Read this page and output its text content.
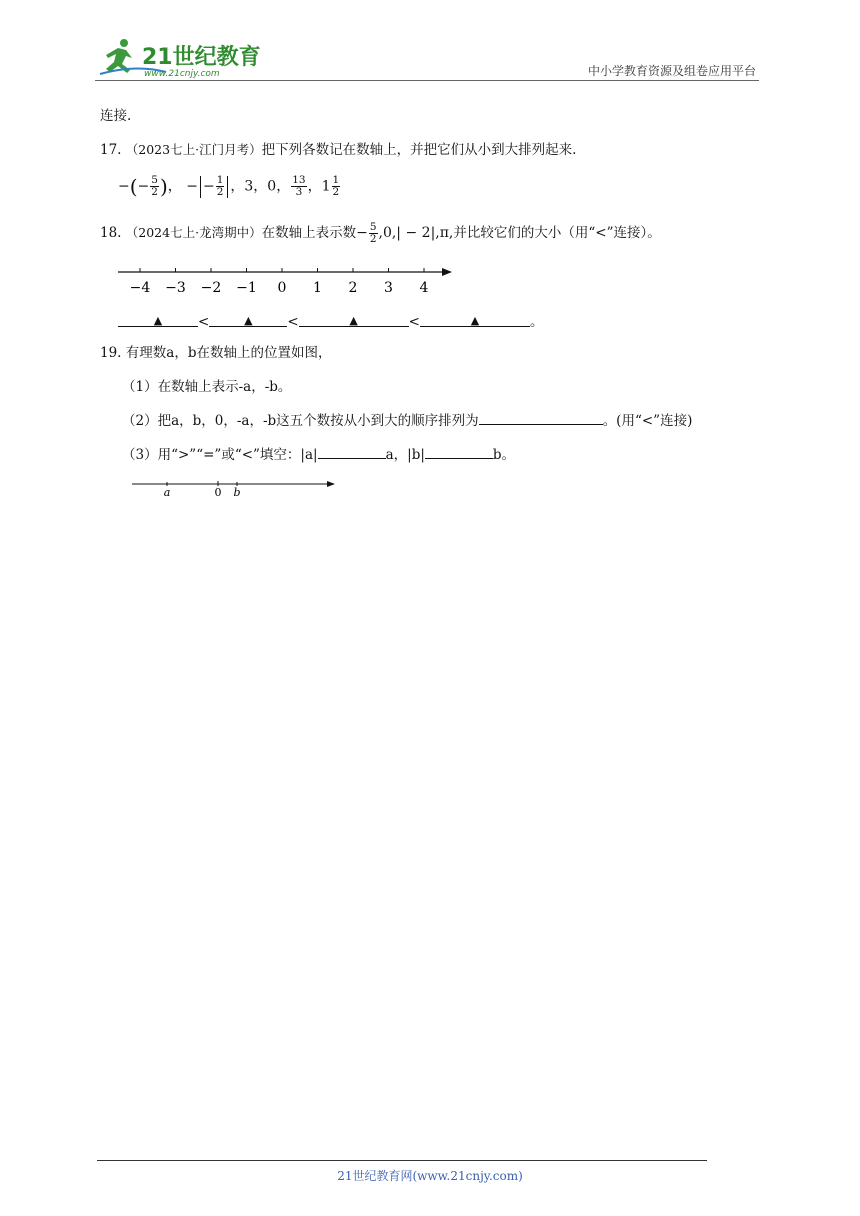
21世纪教育
www.21cnjy.com	中小学教育资源及组卷应用平台
连接.
17. （2023七上·江门月考）把下列各数记在数轴上，并把它们从小到大排列起来.
−(− $\frac{5}{2}$ )， − − $\frac{1}{2}$ ，3，0， $\frac{13}{3}$ ，$1 \frac{1}{2}$
18. （2024七上·龙湾期中）在数轴上表示数− $\frac{5}{2} ,0,| - 2|,\pi$,并比较它们的大小（用“<”连接）。
−4 −3 −2 −1 0 1 2 3 4
▲	<	▲	<	▲	<	▲	。
19. 有理数a，b在数轴上的位置如图，
（1）在数轴上表示-a，-b。
（2）把a，b，0，-a，-b这五个数按从小到大的顺序排列为	。(用“<”连接)
（3）用“>”“=”或“<”填空：|a|	a，|b|	b。
a	0 b
21世纪教育网(www.21cnjy.com)
